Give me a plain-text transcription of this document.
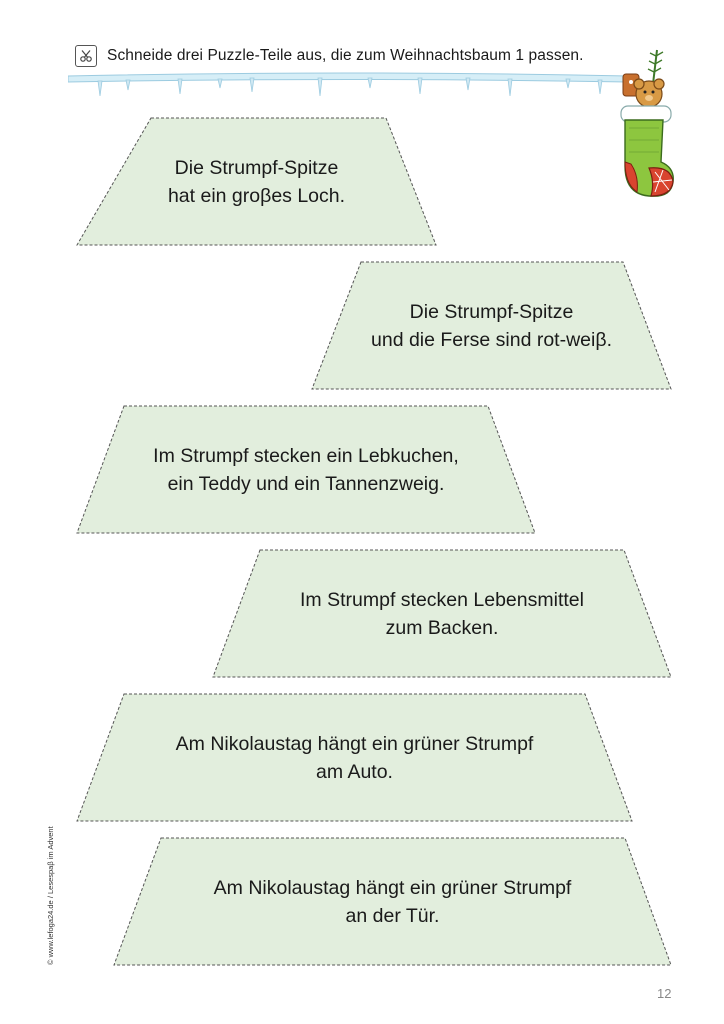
Schneide drei Puzzle-Teile aus, die zum Weihnachtsbaum 1 passen.
Die Strumpf-Spitze
hat ein groβes Loch.
Die Strumpf-Spitze
und die Ferse sind rot-weiβ.
Im Strumpf stecken ein Lebkuchen,
ein Teddy und ein Tannenzweig.
Im Strumpf stecken Lebensmittel
zum Backen.
Am Nikolaustag hängt ein grüner Strumpf
am Auto.
Am Nikolaustag hängt ein grüner Strumpf
an der Tür.
© www.lefoga24.de / Lesespaβ im Advent
12
